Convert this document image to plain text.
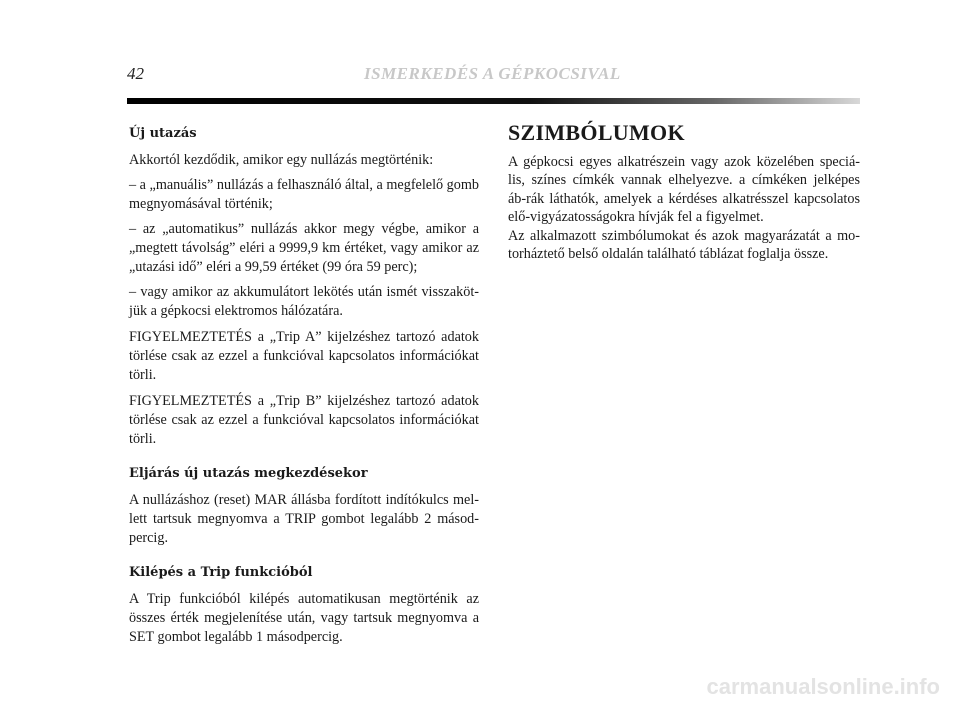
42	ISMERKEDÉS A GÉPKOCSIVAL
Új utazás

Akkortól kezdődik, amikor egy nullázás megtörténik:

– a „manuális” nullázás a felhasználó által, a megfelelő gomb megnyomásával történik;

– az „automatikus” nullázás akkor megy végbe, amikor a „megtett távolság” eléri a 9999,9 km értéket, vagy amikor az „utazási idő” eléri a 99,59 értéket (99 óra 59 perc);

– vagy amikor az akkumulátort lekötés után ismét visszaköt-jük a gépkocsi elektromos hálózatára.

FIGYELMEZTETÉS a „Trip A” kijelzéshez tartozó adatok törlése csak az ezzel a funkcióval kapcsolatos információkat törli.

FIGYELMEZTETÉS a „Trip B” kijelzéshez tartozó adatok törlése csak az ezzel a funkcióval kapcsolatos információkat törli.

Eljárás új utazás megkezdésekor

A nullázáshoz (reset) MAR állásba fordított indítókulcs mel-lett tartsuk megnyomva a TRIP gombot legalább 2 másod-percig.

Kilépés a Trip funkcióból

A Trip funkcióból kilépés automatikusan megtörténik az összes érték megjelenítése után, vagy tartsuk megnyomva a SET gombot legalább 1 másodpercig.

SZIMBÓLUMOK

A gépkocsi egyes alkatrészein vagy azok közelében speciá-lis, színes címkék vannak elhelyezve. a címkéken jelképes áb-rák láthatók, amelyek a kérdéses alkatrésszel kapcsolatos elő-vigyázatosságokra hívják fel a figyelmet.

Az alkalmazott szimbólumokat és azok magyarázatát a mo-torháztető belső oldalán található táblázat foglalja össze.

carmanualsonline.info
